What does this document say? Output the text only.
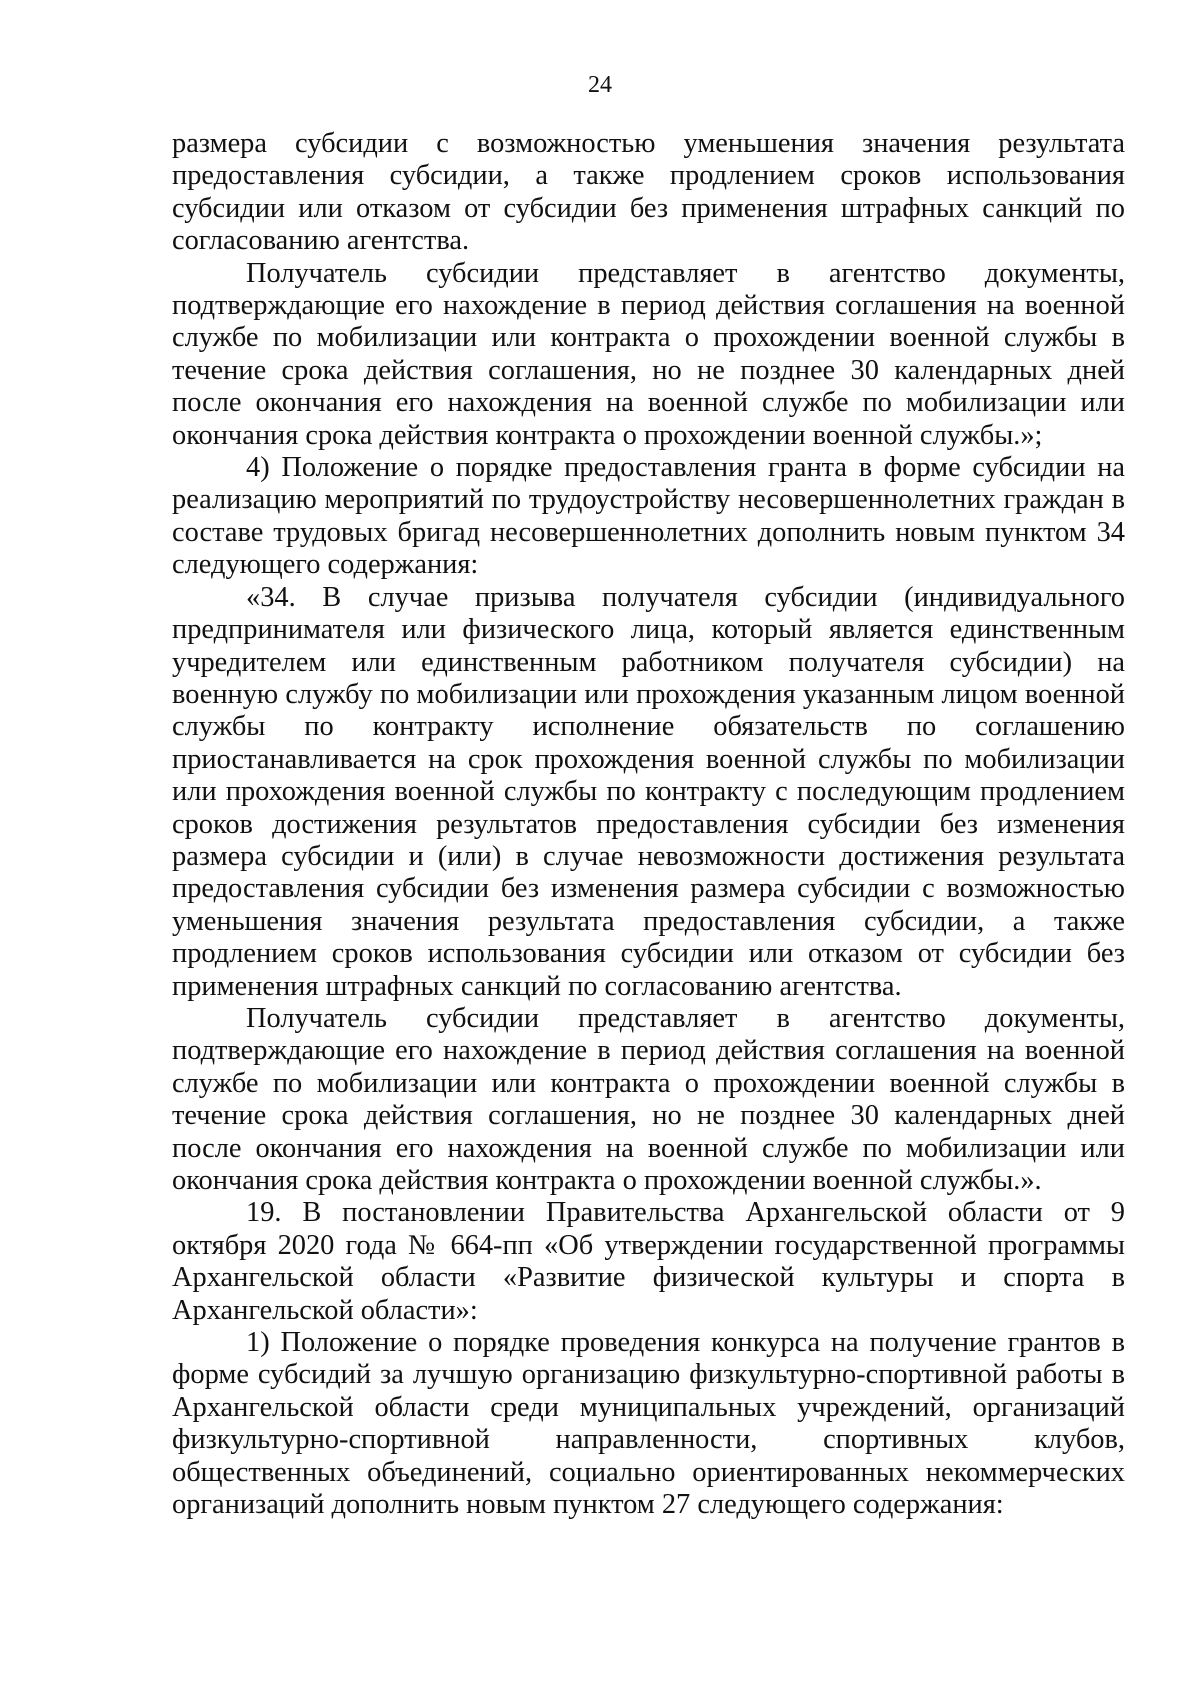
24

размера субсидии с возможностью уменьшения значения результата предоставления субсидии, а также продлением сроков использования субсидии или отказом от субсидии без применения штрафных санкций по согласованию агентства.

Получатель субсидии представляет в агентство документы, подтверждающие его нахождение в период действия соглашения на военной службе по мобилизации или контракта о прохождении военной службы в течение срока действия соглашения, но не позднее 30 календарных дней после окончания его нахождения на военной службе по мобилизации или окончания срока действия контракта о прохождении военной службы.»;

4) Положение о порядке предоставления гранта в форме субсидии на реализацию мероприятий по трудоустройству несовершеннолетних граждан в составе трудовых бригад несовершеннолетних дополнить новым пунктом 34 следующего содержания:

«34. В случае призыва получателя субсидии (индивидуального предпринимателя или физического лица, который является единственным учредителем или единственным работником получателя субсидии) на военную службу по мобилизации или прохождения указанным лицом военной службы по контракту исполнение обязательств по соглашению приостанавливается на срок прохождения военной службы по мобилизации или прохождения военной службы по контракту с последующим продлением сроков достижения результатов предоставления субсидии без изменения размера субсидии и (или) в случае невозможности достижения результата предоставления субсидии без изменения размера субсидии с возможностью уменьшения значения результата предоставления субсидии, а также продлением сроков использования субсидии или отказом от субсидии без применения штрафных санкций по согласованию агентства.

Получатель субсидии представляет в агентство документы, подтверждающие его нахождение в период действия соглашения на военной службе по мобилизации или контракта о прохождении военной службы в течение срока действия соглашения, но не позднее 30 календарных дней после окончания его нахождения на военной службе по мобилизации или окончания срока действия контракта о прохождении военной службы.».

19. В постановлении Правительства Архангельской области от 9 октября 2020 года № 664-пп «Об утверждении государственной программы Архангельской области «Развитие физической культуры и спорта в Архангельской области»:

1) Положение о порядке проведения конкурса на получение грантов в форме субсидий за лучшую организацию физкультурно-спортивной работы в Архангельской области среди муниципальных учреждений, организаций физкультурно-спортивной направленности, спортивных клубов, общественных объединений, социально ориентированных некоммерческих организаций дополнить новым пунктом 27 следующего содержания:
